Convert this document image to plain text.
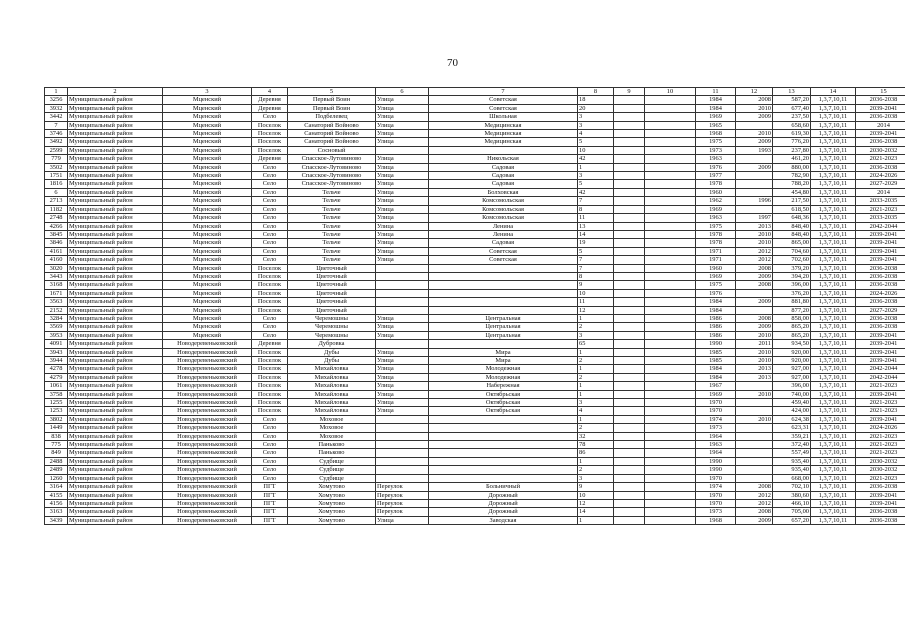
70
1	2	3	4	5	6	7	8	9	10	11	12	13	14	15
3256	Муниципальный район	Мценский	Деревня	Первый Воин	Улица	Советская	18			1984	2008	587,20	1,3,7,10,11	2036-2038
3932	Муниципальный район	Мценский	Деревня	Первый Воин	Улица	Советская	20			1984	2010	677,40	1,3,7,10,11	2039-2041
3442	Муниципальный район	Мценский	Село	Подбелевец	Улица	Школьная	3			1969	2009	237,50	1,3,7,10,11	2036-2038
7	Муниципальный район	Мценский	Поселок	Санаторий Войново	Улица	Медицинская	3			1965		658,60	1,3,7,10,11	2014
3746	Муниципальный район	Мценский	Поселок	Санаторий Войново	Улица	Медицинская	4			1968	2010	619,30	1,3,7,10,11	2039-2041
3492	Муниципальный район	Мценский	Поселок	Санаторий Войново	Улица	Медицинская	5			1975	2009	776,20	1,3,7,10,11	2036-2038
2599	Муниципальный район	Мценский	Поселок	Сосновый			10			1973	1993	237,80	1,3,7,10,11	2030-2032
779	Муниципальный район	Мценский	Деревня	Спасское-Лутовиново	Улица	Никольская	42			1963		461,20	1,3,7,10,11	2021-2023
3502	Муниципальный район	Мценский	Село	Спасское-Лутовиново	Улица	Садовая	1			1976	2009	880,00	1,3,7,10,11	2036-2038
1751	Муниципальный район	Мценский	Село	Спасское-Лутовиново	Улица	Садовая	3			1977		782,90	1,3,7,10,11	2024-2026
1816	Муниципальный район	Мценский	Село	Спасское-Лутовиново	Улица	Садовая	5			1978		788,20	1,3,7,10,11	2027-2029
6	Муниципальный район	Мценский	Село	Тельче	Улица	Болховская	42			1960		454,80	1,3,7,10,11	2014
2713	Муниципальный район	Мценский	Село	Тельче	Улица	Комсомольская	7			1962	1996	217,50	1,3,7,10,11	2033-2035
1182	Муниципальный район	Мценский	Село	Тельче	Улица	Комсомольская	8			1969		618,50	1,3,7,10,11	2021-2023
2748	Муниципальный район	Мценский	Село	Тельче	Улица	Комсомольская	11			1963	1997	648,36	1,3,7,10,11	2033-2035
4266	Муниципальный район	Мценский	Село	Тельче	Улица	Ленина	13			1975	2013	848,40	1,3,7,10,11	2042-2044
3845	Муниципальный район	Мценский	Село	Тельче	Улица	Ленина	14			1978	2010	848,40	1,3,7,10,11	2039-2041
3846	Муниципальный район	Мценский	Село	Тельче	Улица	Садовая	19			1978	2010	865,00	1,3,7,10,11	2039-2041
4161	Муниципальный район	Мценский	Село	Тельче	Улица	Советская	5			1971	2012	704,60	1,3,7,10,11	2039-2041
4160	Муниципальный район	Мценский	Село	Тельче	Улица	Советская	7			1971	2012	702,60	1,3,7,10,11	2039-2041
3020	Муниципальный район	Мценский	Поселок	Цветочный			7			1960	2008	379,20	1,3,7,10,11	2036-2038
3443	Муниципальный район	Мценский	Поселок	Цветочный			8			1969	2009	394,20	1,3,7,10,11	2036-2038
3168	Муниципальный район	Мценский	Поселок	Цветочный			9			1975	2008	396,00	1,3,7,10,11	2036-2038
1671	Муниципальный район	Мценский	Поселок	Цветочный			10			1976		376,20	1,3,7,10,11	2024-2026
3563	Муниципальный район	Мценский	Поселок	Цветочный			11			1984	2009	881,80	1,3,7,10,11	2036-2038
2152	Муниципальный район	Мценский	Поселок	Цветочный			12			1984		877,20	1,3,7,10,11	2027-2029
3284	Муниципальный район	Мценский	Село	Черемошны	Улица	Центральная	1			1986	2008	858,00	1,3,7,10,11	2036-2038
3569	Муниципальный район	Мценский	Село	Черемошны	Улица	Центральная	2			1986	2009	865,20	1,3,7,10,11	2036-2038
3953	Муниципальный район	Мценский	Село	Черемошны	Улица	Центральная	3			1986	2010	865,20	1,3,7,10,11	2039-2041
4091	Муниципальный район	Новодеревеньковский	Деревня	Дубровка			65			1990	2011	934,50	1,3,7,10,11	2039-2041
3943	Муниципальный район	Новодеревеньковский	Поселок	Дубы	Улица	Мира	1			1985	2010	920,00	1,3,7,10,11	2039-2041
3944	Муниципальный район	Новодеревеньковский	Поселок	Дубы	Улица	Мира	2			1985	2010	920,00	1,3,7,10,11	2039-2041
4278	Муниципальный район	Новодеревеньковский	Поселок	Михайловка	Улица	Молодежная	1			1984	2013	927,00	1,3,7,10,11	2042-2044
4279	Муниципальный район	Новодеревеньковский	Поселок	Михайловка	Улица	Молодежная	2			1984	2013	927,00	1,3,7,10,11	2042-2044
1061	Муниципальный район	Новодеревеньковский	Поселок	Михайловка	Улица	Набережная	1			1967		396,00	1,3,7,10,11	2021-2023
3758	Муниципальный район	Новодеревеньковский	Поселок	Михайловка	Улица	Октябрьская	1			1969	2010	740,00	1,3,7,10,11	2039-2041
1255	Муниципальный район	Новодеревеньковский	Поселок	Михайловка	Улица	Октябрьская	3			1970		459,40	1,3,7,10,11	2021-2023
1253	Муниципальный район	Новодеревеньковский	Поселок	Михайловка	Улица	Октябрьская	4			1970		424,00	1,3,7,10,11	2021-2023
3802	Муниципальный район	Новодеревеньковский	Село	Моховое			1			1974	2010	624,38	1,3,7,10,11	2039-2041
1449	Муниципальный район	Новодеревеньковский	Село	Моховое			2			1973		623,31	1,3,7,10,11	2024-2026
838	Муниципальный район	Новодеревеньковский	Село	Моховое			32			1964		359,21	1,3,7,10,11	2021-2023
775	Муниципальный район	Новодеревеньковский	Село	Паньково			78			1963		372,40	1,3,7,10,11	2021-2023
849	Муниципальный район	Новодеревеньковский	Село	Паньково			86			1964		557,49	1,3,7,10,11	2021-2023
2488	Муниципальный район	Новодеревеньковский	Село	Судбище			1			1990		935,40	1,3,7,10,11	2030-2032
2489	Муниципальный район	Новодеревеньковский	Село	Судбище			2			1990		935,40	1,3,7,10,11	2030-2032
1260	Муниципальный район	Новодеревеньковский	Село	Судбище			3			1970		668,00	1,3,7,10,11	2021-2023
3164	Муниципальный район	Новодеревеньковский	ПГТ	Хомутово	Переулок	Больничный	9			1974	2008	702,10	1,3,7,10,11	2036-2038
4155	Муниципальный район	Новодеревеньковский	ПГТ	Хомутово	Переулок	Дорожный	10			1970	2012	380,60	1,3,7,10,11	2039-2041
4156	Муниципальный район	Новодеревеньковский	ПГТ	Хомутово	Переулок	Дорожный	12			1970	2012	466,10	1,3,7,10,11	2039-2041
3163	Муниципальный район	Новодеревеньковский	ПГТ	Хомутово	Переулок	Дорожный	14			1973	2008	705,00	1,3,7,10,11	2036-2038
3439	Муниципальный район	Новодеревеньковский	ПГТ	Хомутово	Улица	Заводская	1			1968	2009	657,20	1,3,7,10,11	2036-2038
